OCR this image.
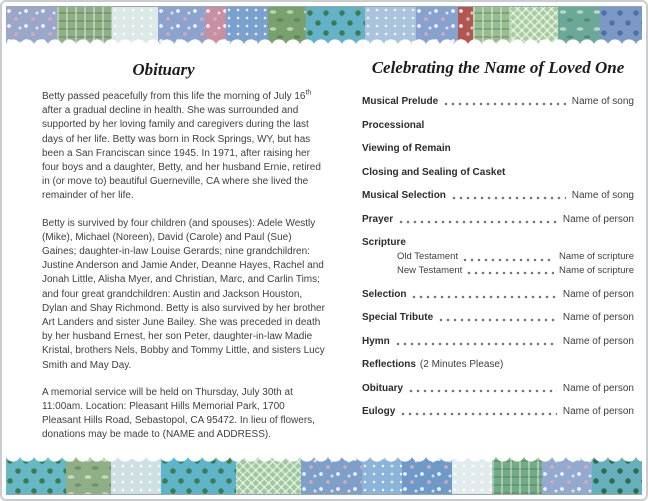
Obituary

Betty passed peacefully from this life the morning of July 16th after a gradual decline in health. She was surrounded and supported by her loving family and caregivers during the last days of her life. Betty was born in Rock Springs, WY, but has been a San Franciscan since 1945. In 1971, after raising her four boys and a daughter, Betty, and her husband Ernie, retired in (or move to) beautiful Guerneville, CA where she lived the remainder of her life.

Betty is survived by four children (and spouses): Adele Westly (Mike), Michael (Noreen), David (Carole) and Paul (Sue) Gaines; daughter-in-law Louise Gerards; nine grandchildren: Justine Anderson and Jamie Ander, Deanne Hayes, Rachel and Jonah Little, Alisha Myer, and Christian, Marc, and Carlin Tims; and four great grandchildren: Austin and Jackson Houston, Dylan and Shay Richmond. Betty is also survived by her brother Art Landers and sister June Bailey. She was preceded in death by her husband Ernest, her son Peter, daughter-in-law Madie Kristal, brothers Nels, Bobby and Tommy Little, and sisters Lucy Smith and May Day.

A memorial service will be held on Thursday, July 30th at 11:00am. Location: Pleasant Hills Memorial Park, 1700 Pleasant Hills Road, Sebastopol, CA 95472. In lieu of flowers, donations may be made to (NAME and ADDRESS).

Celebrating the Name of Loved One
Musical Prelude	Name of song
Processional
Viewing of Remain
Closing and Sealing of Casket
Musical Selection	Name of song
Prayer	Name of person
Scripture
Old Testament	Name of scripture
New Testament	Name of scripture
Selection	Name of person
Special Tribute	Name of person
Hymn	Name of person
Reflections (2 Minutes Please)
Obituary	Name of person
Eulogy	Name of person
